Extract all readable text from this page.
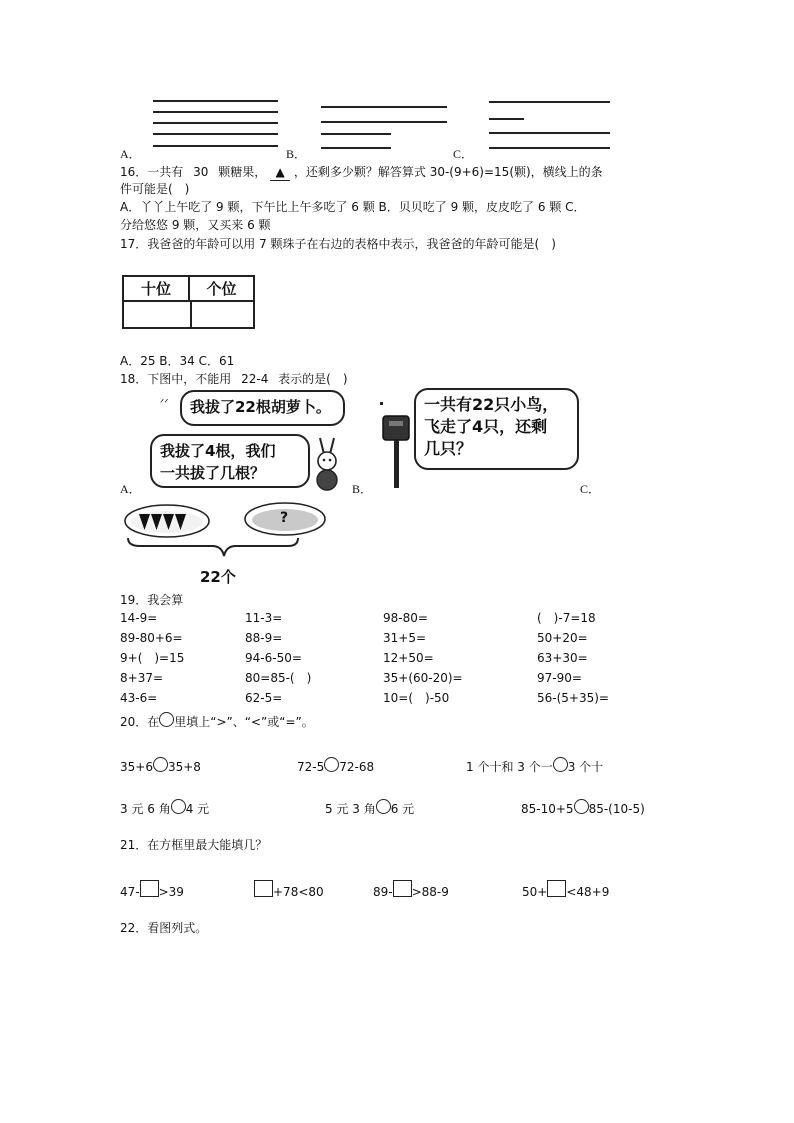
A．	B．	C．
16．一共有 30 颗糖果， ▲ ，还剩多少颗？解答算式 30-(9+6)=15(颗)，横线上的条
件可能是( )
A．丫丫上午吃了 9 颗，下午比上午多吃了 6 颗 B．贝贝吃了 9 颗，皮皮吃了 6 颗 C．
分给悠悠 9 颗，又买来 6 颗
17．我爸爸的年龄可以用 7 颗珠子在右边的表格中表示，我爸爸的年龄可能是( )
十位	个位
A．25 B．34 C．61
18．下图中，不能用 22-4 表示的是( )
ᐟᐟ	我拔了22根胡萝卜。
我拔了4根，我们
一共拔了几根？
A．
一共有22只小鸟，
飞走了4只，还剩
几只？
B．	C．
?
22个
19．我会算
14-9=	11-3=	98-80=	( )-7=18
89-80+6=	88-9=	31+5=	50+20=
9+( )=15	94-6-50=	12+50=	63+30=
8+37=	80=85-( )	35+(60-20)=	97-90=
43-6=	62-5=	10=( )-50	56-(5+35)=
20．在 里填上“>”、“<”或“=”。
35+6 35+8	72-5 72-68	1 个十和 3 个一 3 个十
3 元 6 角 4 元	5 元 3 角 6 元	85-10+5 85-(10-5)
21．在方框里最大能填几？
47- >39	+78<80	89- >88-9	50+ <48+9
22．看图列式。
